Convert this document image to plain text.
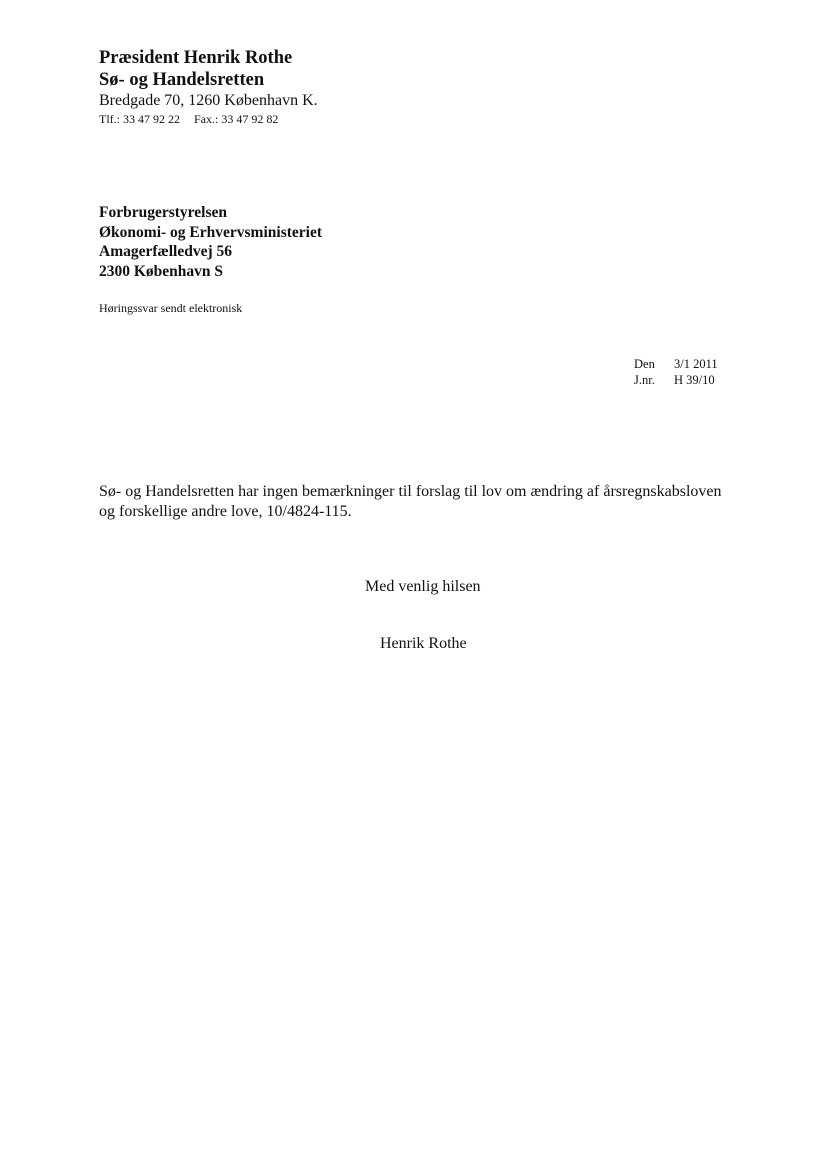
Præsident Henrik Rothe
Sø- og Handelsretten
Bredgade 70, 1260 København K.
Tlf.: 33 47 92 22 Fax.: 33 47 92 82
Forbrugerstyrelsen
Økonomi- og Erhvervsministeriet
Amagerfælledvej 56
2300 København S
Høringssvar sendt elektronisk
Den	3/1 2011
J.nr.	H 39/10
Sø- og Handelsretten har ingen bemærkninger til forslag til lov om ændring af årsregnskabsloven
og forskellige andre love, 10/4824-115.
Med venlig hilsen
Henrik Rothe
